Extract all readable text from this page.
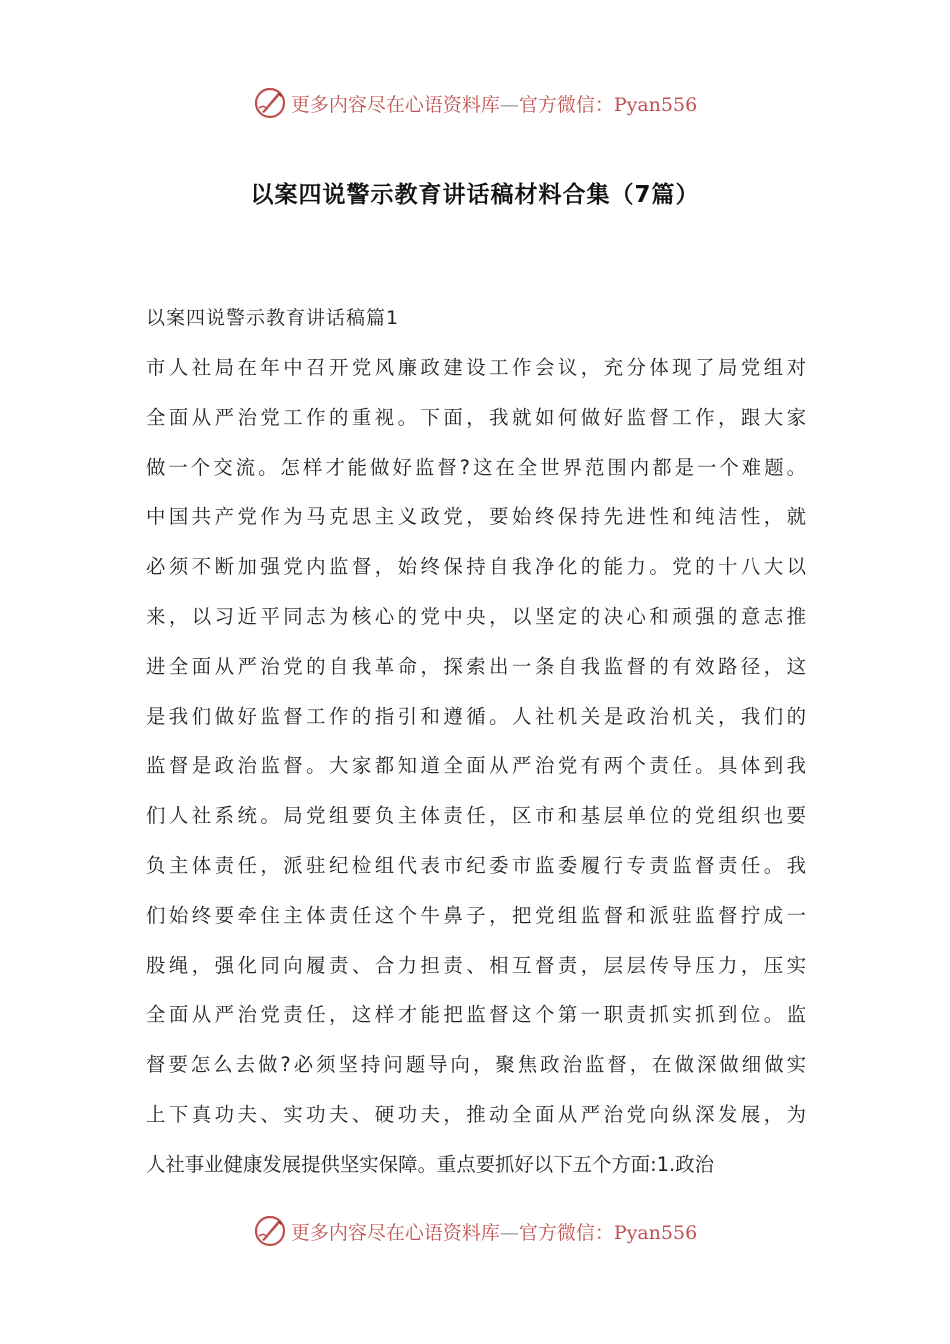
更多内容尽在心语资料库—官方微信：Pyan556
以案四说警示教育讲话稿材料合集（7篇）
以案四说警示教育讲话稿篇1
市人社局在年中召开党风廉政建设工作会议，充分体现了局党组对
全面从严治党工作的重视。下面，我就如何做好监督工作，跟大家
做一个交流。怎样才能做好监督?这在全世界范围内都是一个难题。
中国共产党作为马克思主义政党，要始终保持先进性和纯洁性，就
必须不断加强党内监督，始终保持自我净化的能力。党的十八大以
来，以习近平同志为核心的党中央，以坚定的决心和顽强的意志推
进全面从严治党的自我革命，探索出一条自我监督的有效路径，这
是我们做好监督工作的指引和遵循。人社机关是政治机关，我们的
监督是政治监督。大家都知道全面从严治党有两个责任。具体到我
们人社系统。局党组要负主体责任，区市和基层单位的党组织也要
负主体责任，派驻纪检组代表市纪委市监委履行专责监督责任。我
们始终要牵住主体责任这个牛鼻子，把党组监督和派驻监督拧成一
股绳，强化同向履责、合力担责、相互督责，层层传导压力，压实
全面从严治党责任，这样才能把监督这个第一职责抓实抓到位。监
督要怎么去做?必须坚持问题导向，聚焦政治监督，在做深做细做实
上下真功夫、实功夫、硬功夫，推动全面从严治党向纵深发展，为
人社事业健康发展提供坚实保障。重点要抓好以下五个方面:1.政治
更多内容尽在心语资料库—官方微信：Pyan556
